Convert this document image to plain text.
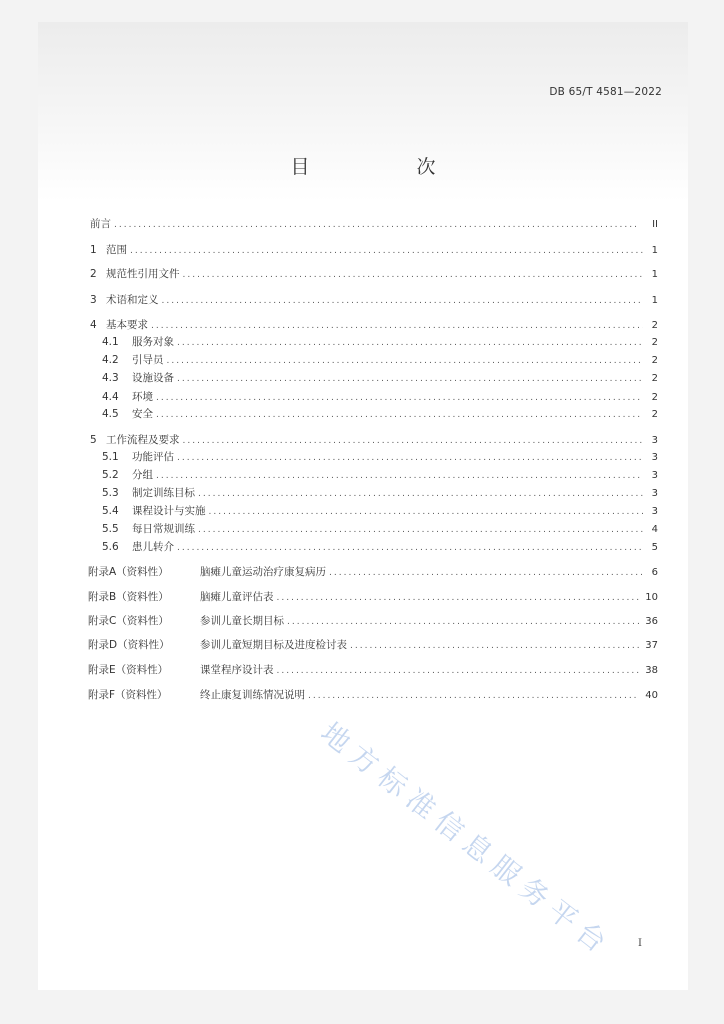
DB 65/T 4581—2022
目　次
前言 .....	II
1 范围 .....	1
2 规范性引用文件 .....	1
3 术语和定义 .....	1
4 基本要求 .....	2
4.1	服务对象 .....	2
4.2	引导员 .....	2
4.3	设施设备 .....	2
4.4	环境 .....	2
4.5	安全 .....	2
5 工作流程及要求 .....	3
5.1	功能评估 .....	3
5.2	分组 .....	3
5.3	制定训练目标 .....	3
5.4	课程设计与实施 .....	3
5.5	每日常规训练 .....	4
5.6	患儿转介 .....	5
附录A（资料性）	脑瘫儿童运动治疗康复病历 .....	6
附录B（资料性）	脑瘫儿童评估表 .....	10
附录C（资料性）	参训儿童长期目标 .....	36
附录D（资料性）	参训儿童短期目标及进度检讨表 .....	37
附录E（资料性）	课堂程序设计表 .....	38
附录F（资料性）	终止康复训练情况说明 .....	40
地方标准信息服务平台	I
